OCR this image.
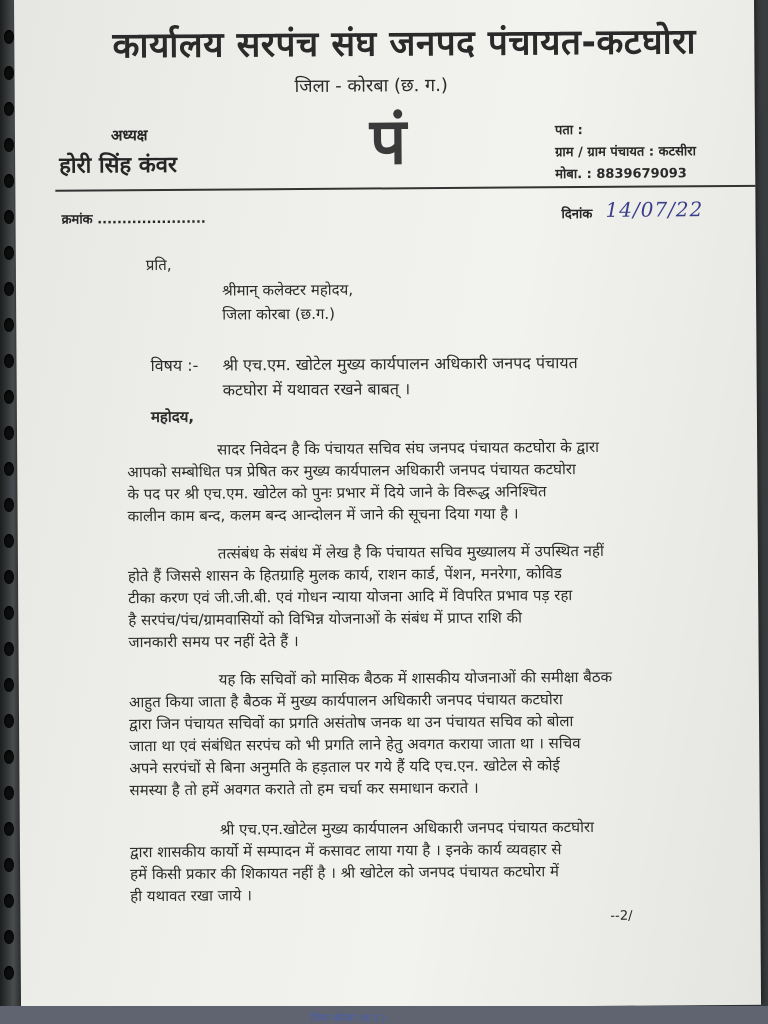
कार्यालय सरपंच संघ जनपद पंचायत-कटघोरा
जिला - कोरबा (छ. ग.)
अध्यक्ष
होरी सिंह कंवर	पं	पता :
ग्राम / ग्राम पंचायत : कटसीरा
मोबा. : 8839679093
क्रमांक ......................	दिनांक 14/07/22
प्रति,
श्रीमान् कलेक्टर महोदय,
जिला कोरबा (छ.ग.)
विषय :- श्री एच.एम. खोटेल मुख्य कार्यपालन अधिकारी जनपद पंचायत
कटघोरा में यथावत रखने बाबत् ।
महोदय,
सादर निवेदन है कि पंचायत सचिव संघ जनपद पंचायत कटघोरा के द्वारा
आपको सम्बोधित पत्र प्रेषित कर मुख्य कार्यपालन अधिकारी जनपद पंचायत कटघोरा
के पद पर श्री एच.एम. खोटेल को पुनः प्रभार में दिये जाने के विरूद्ध अनिश्चित
कालीन काम बन्द, कलम बन्द आन्दोलन में जाने की सूचना दिया गया है ।
तत्संबंध के संबंध में लेख है कि पंचायत सचिव मुख्यालय में उपस्थित नहीं
होते हैं जिससे शासन के हितग्राहि मुलक कार्य, राशन कार्ड, पेंशन, मनरेगा, कोविड
टीका करण एवं जी.जी.बी. एवं गोधन न्याया योजना आदि में विपरित प्रभाव पड़ रहा
है सरपंच/पंच/ग्रामवासियों को विभिन्न योजनाओं के संबंध में प्राप्त राशि की
जानकारी समय पर नहीं देते हैं ।
यह कि सचिवों को मासिक बैठक में शासकीय योजनाओं की समीक्षा बैठक
आहुत किया जाता है बैठक में मुख्य कार्यपालन अधिकारी जनपद पंचायत कटघोरा
द्वारा जिन पंचायत सचिवों का प्रगति असंतोष जनक था उन पंचायत सचिव को बोला
जाता था एवं संबंधित सरपंच को भी प्रगति लाने हेतु अवगत कराया जाता था । सचिव
अपने सरपंचों से बिना अनुमति के हड़ताल पर गये हैं यदि एच.एन. खोटेल से कोई
समस्या है तो हमें अवगत कराते तो हम चर्चा कर समाधान कराते ।
श्री एच.एन.खोटेल मुख्य कार्यपालन अधिकारी जनपद पंचायत कटघोरा
द्वारा शासकीय कार्यो में सम्पादन में कसावट लाया गया है । इनके कार्य व्यवहार से
हमें किसी प्रकार की शिकायत नहीं है । श्री खोटेल को जनपद पंचायत कटघोरा में
ही यथावत रखा जाये ।
--2/
जिला-कोरबा (छ.ग.)
